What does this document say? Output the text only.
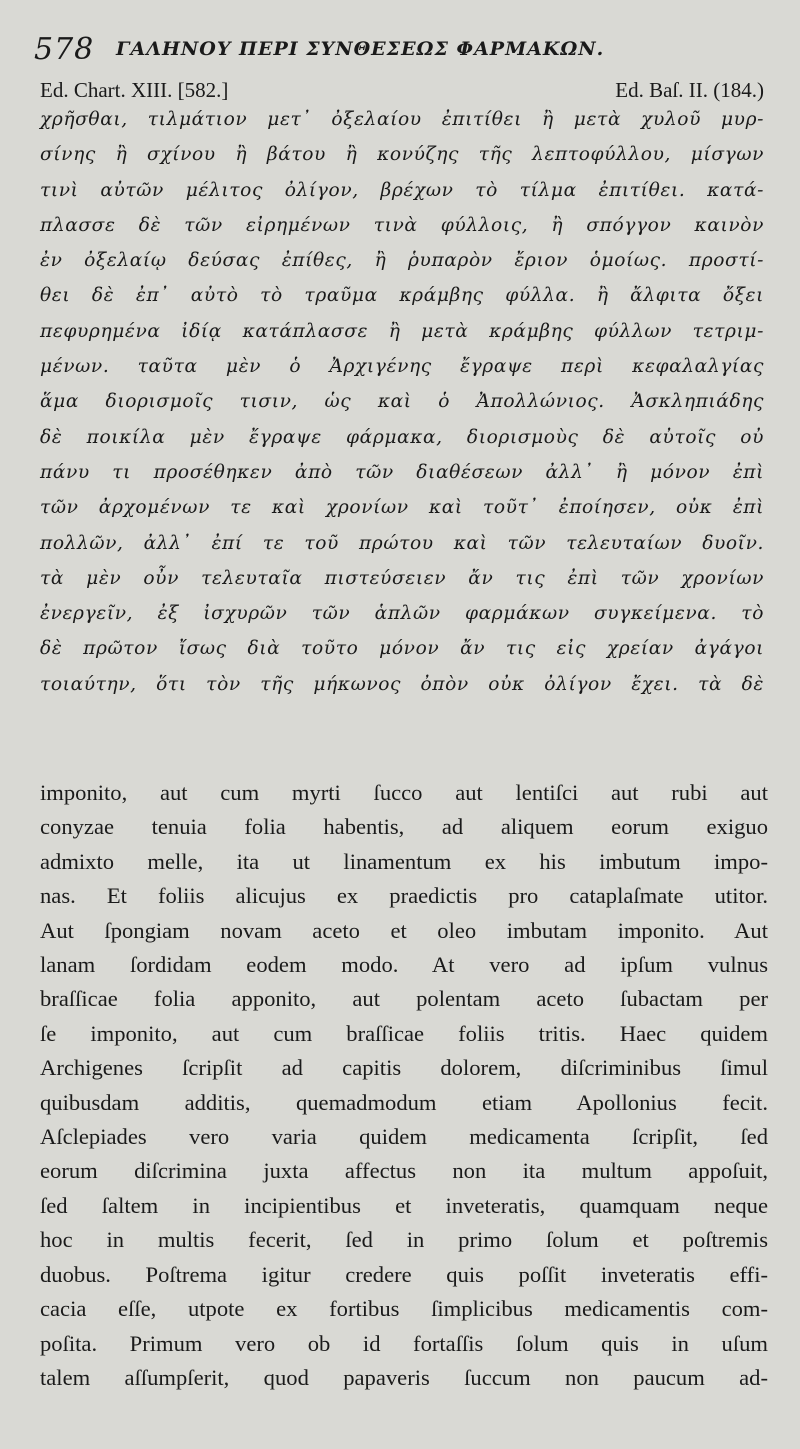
578 ΓΑΛΗΝΟΥ ΠΕΡΙ ΣΥΝΘΕΣΕΩΣ ΦΑΡΜΑΚΩΝ.
Ed. Chart. XIII. [582.]	Ed. Baſ. II. (184.)
χρῆσθαι, τιλμάτιον μετ᾿ ὀξελαίου ἐπιτίθει ἢ μετὰ χυλοῦ μυρ-
σίνης ἢ σχίνου ἢ βάτου ἢ κονύζης τῆς λεπτοφύλλου, μίσγων
τινὶ αὐτῶν μέλιτος ὀλίγον, βρέχων τὸ τίλμα ἐπιτίθει. κατά-
πλασσε δὲ τῶν εἰρημένων τινὰ φύλλοις, ἢ σπόγγον καινὸν
ἐν ὀξελαίῳ δεύσας ἐπίθες, ἢ ῥυπαρὸν ἔριον ὁμοίως. προστί-
θει δὲ ἐπ᾿ αὐτὸ τὸ τραῦμα κράμβης φύλλα. ἢ ἄλφιτα ὄξει
πεφυρημένα ἰδίᾳ κατάπλασσε ἢ μετὰ κράμβης φύλλων τετριμ-
μένων. ταῦτα μὲν ὁ Ἀρχιγένης ἔγραψε περὶ κεφαλαλγίας
ἅμα διορισμοῖς τισιν, ὡς καὶ ὁ Ἀπολλώνιος. Ἀσκληπιάδης
δὲ ποικίλα μὲν ἔγραψε φάρμακα, διορισμοὺς δὲ αὐτοῖς οὐ
πάνυ τι προσέθηκεν ἀπὸ τῶν διαθέσεων ἀλλ᾿ ἢ μόνον ἐπὶ
τῶν ἀρχομένων τε καὶ χρονίων καὶ τοῦτ᾿ ἐποίησεν, οὐκ ἐπὶ
πολλῶν, ἀλλ᾿ ἐπί τε τοῦ πρώτου καὶ τῶν τελευταίων δυοῖν.
τὰ μὲν οὖν τελευταῖα πιστεύσειεν ἄν τις ἐπὶ τῶν χρονίων
ἐνεργεῖν, ἐξ ἰσχυρῶν τῶν ἁπλῶν φαρμάκων συγκείμενα. τὸ
δὲ πρῶτον ἴσως διὰ τοῦτο μόνον ἄν τις εἰς χρείαν ἀγάγοι
τοιαύτην, ὅτι τὸν τῆς μήκωνος ὀπὸν οὐκ ὀλίγον ἔχει. τὰ δὲ
imponito, aut cum myrti ſucco aut lentiſci aut rubi aut
conyzae tenuia folia habentis, ad aliquem eorum exiguo
admixto melle, ita ut linamentum ex his imbutum impo-
nas. Et foliis alicujus ex praedictis pro cataplaſmate utitor.
Aut ſpongiam novam aceto et oleo imbutam imponito. Aut
lanam ſordidam eodem modo. At vero ad ipſum vulnus
braſſicae folia apponito, aut polentam aceto ſubactam per
ſe imponito, aut cum braſſicae foliis tritis. Haec quidem
Archigenes ſcripſit ad capitis dolorem, diſcriminibus ſimul
quibusdam additis, quemadmodum etiam Apollonius fecit.
Aſclepiades vero varia quidem medicamenta ſcripſit, ſed
eorum diſcrimina juxta affectus non ita multum appoſuit,
ſed ſaltem in incipientibus et inveteratis, quamquam neque
hoc in multis fecerit, ſed in primo ſolum et poſtremis
duobus. Poſtrema igitur credere quis poſſit inveteratis effi-
cacia eſſe, utpote ex fortibus ſimplicibus medicamentis com-
poſita. Primum vero ob id fortaſſis ſolum quis in uſum
talem aſſumpſerit, quod papaveris ſuccum non paucum ad-
